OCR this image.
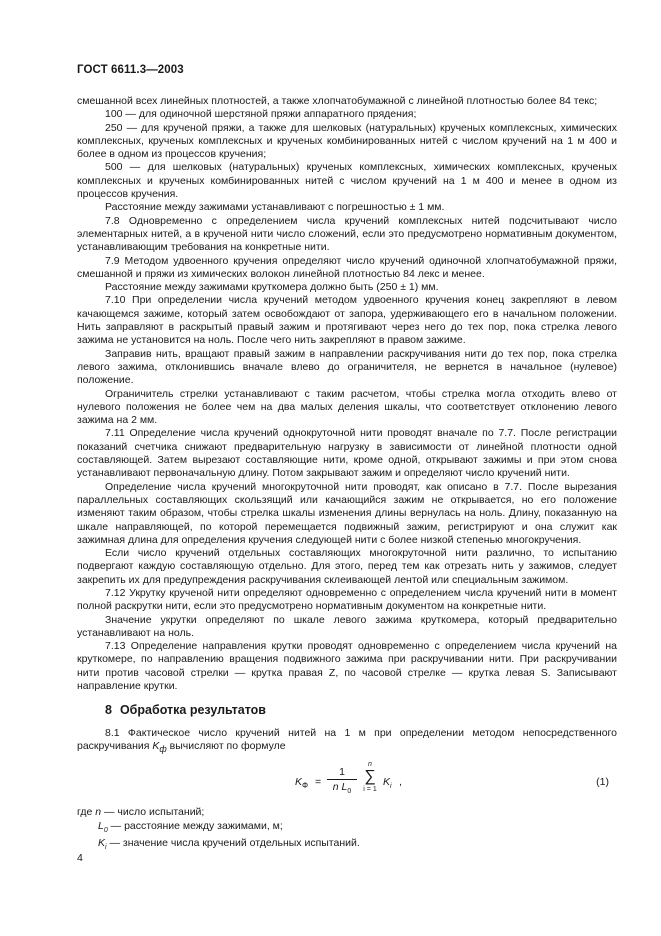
ГОСТ 6611.3—2003

смешанной всех линейных плотностей, а также хлопчатобумажной с линейной плотностью более 84 текс;

100 — для одиночной шерстяной пряжи аппаратного прядения;

250 — для крученой пряжи, а также для шелковых (натуральных) крученых комплексных, химических комплексных, крученых комплексных и крученых комбинированных нитей с числом кручений на 1 м 400 и более в одном из процессов кручения;

500 — для шелковых (натуральных) крученых комплексных, химических комплексных, крученых комплексных и крученых комбинированных нитей с числом кручений на 1 м 400 и менее в одном из процессов кручения.

Расстояние между зажимами устанавливают с погрешностью ± 1 мм.

7.8 Одновременно с определением числа кручений комплексных нитей подсчитывают число элементарных нитей, а в крученой нити число сложений, если это предусмотрено нормативным документом, устанавливающим требования на конкретные нити.

7.9 Методом удвоенного кручения определяют число кручений одиночной хлопчатобумажной пряжи, смешанной и пряжи из химических волокон линейной плотностью 84 лекс и менее.

Расстояние между зажимами круткомера должно быть (250 ± 1) мм.

7.10 При определении числа кручений методом удвоенного кручения конец закрепляют в левом качающемся зажиме, который затем освобождают от запора, удерживающего его в начальном положении. Нить заправляют в раскрытый правый зажим и протягивают через него до тех пор, пока стрелка левого зажима не установится на ноль. После чего нить закрепляют в правом зажиме.

Заправив нить, вращают правый зажим в направлении раскручивания нити до тех пор, пока стрелка левого зажима, отклонившись вначале влево до ограничителя, не вернется в начальное (нулевое) положение.

Ограничитель стрелки устанавливают с таким расчетом, чтобы стрелка могла отходить влево от нулевого положения не более чем на два малых деления шкалы, что соответствует отклонению левого зажима на 2 мм.

7.11 Определение числа кручений однокруточной нити проводят вначале по 7.7. После регистрации показаний счетчика снижают предварительную нагрузку в зависимости от линейной плотности одной составляющей. Затем вырезают составляющие нити, кроме одной, открывают зажимы и при этом снова устанавливают первоначальную длину. Потом закрывают зажим и определяют число кручений нити.

Определение числа кручений многокруточной нити проводят, как описано в 7.7. После вырезания параллельных составляющих скользящий или качающийся зажим не открывается, но его положение изменяют таким образом, чтобы стрелка шкалы изменения длины вернулась на ноль. Длину, показанную на шкале направляющей, по которой перемещается подвижный зажим, регистрируют и она служит как зажимная длина для определения кручения следующей нити с более низкой степенью многокручения.

Если число кручений отдельных составляющих многокруточной нити различно, то испытанию подвергают каждую составляющую отдельно. Для этого, перед тем как отрезать нить у зажимов, следует закрепить их для предупреждения раскручивания склеивающей лентой или специальным зажимом.

7.12 Укрутку крученой нити определяют одновременно с определением числа кручений нити в момент полной раскрутки нити, если это предусмотрено нормативным документом на конкретные нити.

Значение укрутки определяют по шкале левого зажима круткомера, который предварительно устанавливают на ноль.

7.13 Определение направления крутки проводят одновременно с определением числа кручений на круткомере, по направлению вращения подвижного зажима при раскручивании нити. При раскручивании нити против часовой стрелки — крутка правая Z, по часовой стрелке — крутка левая S. Записывают направление крутки.

8 Обработка результатов

8.1 Фактическое число кручений нитей на 1 м при определении методом непосредственного раскручивания $K_ф$ вычисляют по формуле

$K_Ф$ =
1
n $L_0$
n
∑
i = 1
$K_i$ ,	(1)

где n — число испытаний;

$L_0$ — расстояние между зажимами, м;

$K_i$ — значение числа кручений отдельных испытаний.

4
